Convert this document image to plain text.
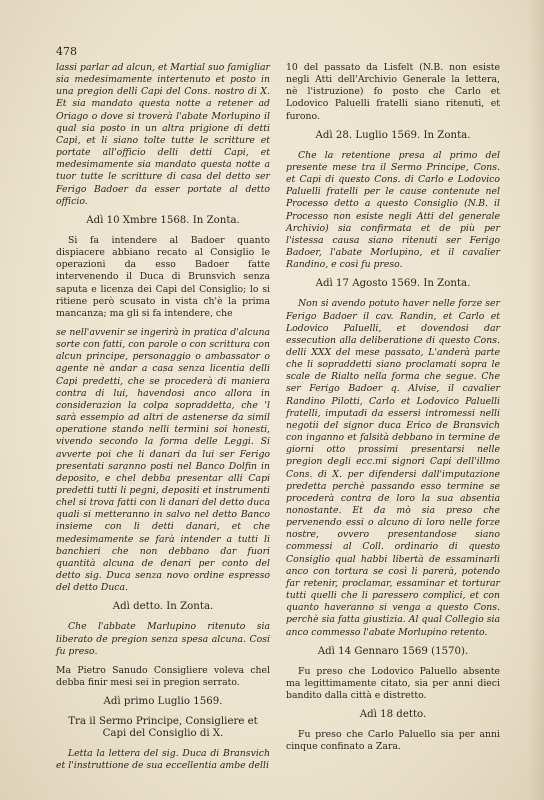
478

lassi parlar ad alcun, et Martial suo famigliar sia medesimamente intertenuto et posto in una pregion delli Capi del Cons. nostro di X. Et sia mandato questa notte a retener ad Oriago o dove si troverà l'abate Morlupino il qual sia posto in un altra prigione di detti Capi, et li siano tolte tutte le scritture et portate all'officio delli detti Capi, et medesimamente sia mandato questa notte a tuor tutte le scritture di casa del detto ser Ferigo Badoer da esser portate al detto officio.

Adì 10 Xmbre 1568. In Zonta.

Si fa intendere al Badoer quanto dispiacere abbiano recato al Consiglio le operazioni da esso Badoer fatte intervenendo il Duca di Brunsvich senza saputa e licenza dei Capi del Consiglio; lo si ritiene però scusato in vista ch'è la prima mancanza; ma gli si fa intendere, che

se nell'avvenir se ingerirà in pratica d'alcuna sorte con fatti, con parole o con scrittura con alcun principe, personaggio o ambassator o agente nè andar a casa senza licentia delli Capi predetti, che se procederà di maniera contra di lui, havendosi anco allora in considerazion la colpa sopraddetta, che 'l sarà essempio ad altri de astenerse da simil operatione stando nelli termini soi honesti, vivendo secondo la forma delle Leggi. Si avverte poi che li danari da lui ser Ferigo presentati saranno posti nel Banco Dolfin in deposito, e chel debba presentar alli Capi predetti tutti li pegni, depositi et instrumenti chel si trova fatti con li danari del detto duca quali si metteranno in salvo nel detto Banco insieme con li detti danari, et che medesimamente se farà intender a tutti li banchieri che non debbano dar fuori quantità alcuna de denari per conto del detto sig. Duca senza novo ordine espresso del detto Duca.

Adì detto. In Zonta.

Che l'abbate Marlupino ritenuto sia liberato de pregion senza spesa alcuna. Cosi fu preso.

Ma Pietro Sanudo Consigliere voleva chel debba finir mesi sei in pregion serrato.

Adì primo Luglio 1569.
Tra il Sermo Principe, Consigliere et Capi del Consiglio di X.

Letta la lettera del sig. Duca di Bransvich et l'instruttione de sua eccellentia ambe delli

10 del passato da Lisfelt (N.B. non esiste negli Atti dell'Archivio Generale la lettera, nè l'istruzione) fo posto che Carlo et Lodovico Paluelli fratelli siano ritenuti, et furono.

Adì 28. Luglio 1569. In Zonta.

Che la retentione presa al primo del presente mese tra il Sermo Principe, Cons. et Capi di questo Cons. di Carlo e Lodovico Paluelli fratelli per le cause contenute nel Processo detto a questo Consiglio (N.B. il Processo non esiste negli Atti del generale Archivio) sia confirmata et de più per l'istessa causa siano ritenuti ser Ferigo Badoer, l'abate Morlupino, et il cavalier Randino, e così fu preso.

Adì 17 Agosto 1569. In Zonta.

Non si avendo potuto haver nelle forze ser Ferigo Badoer il cav. Randin, et Carlo et Lodovico Paluelli, et dovendosi dar essecution alla deliberatione di questo Cons. delli XXX del mese passato, L'anderà parte che li sopraddetti siano proclamati sopra le scale de Rialto nella forma che segue. Che ser Ferigo Badoer q. Alvise, il cavalier Randino Pilotti, Carlo et Lodovico Paluelli fratelli, imputadi da essersi intromessi nelli negotii del signor duca Erico de Bransvich con inganno et falsità debbano in termine de giorni otto prossimi presentarsi nelle pregion degli ecc.mi signori Capi dell'illmo Cons. di X. per difendersi dall'imputazione predetta perchè passando esso termine se procederà contra de loro la sua absentia nonostante. Et da mò sia preso che pervenendo essi o alcuno di loro nelle forze nostre, ovvero presentandose siano commessi al Coll. ordinario di questo Consiglio qual habbi libertà de essaminarli anco con tortura se così li parerà, potendo far retenir, proclamar, essaminar et torturar tutti quelli che li paressero complici, et con quanto haveranno si venga a questo Cons. perchè sia fatta giustizia. Al qual Collegio sia anco commesso l'abate Morlupino retento.

Adì 14 Gennaro 1569 (1570).

Fu preso che Lodovico Paluello absente ma legittimamente citato, sia per anni dieci bandito dalla città e distretto.

Adì 18 detto.

Fu preso che Carlo Paluello sia per anni cinque confinato a Zara.
